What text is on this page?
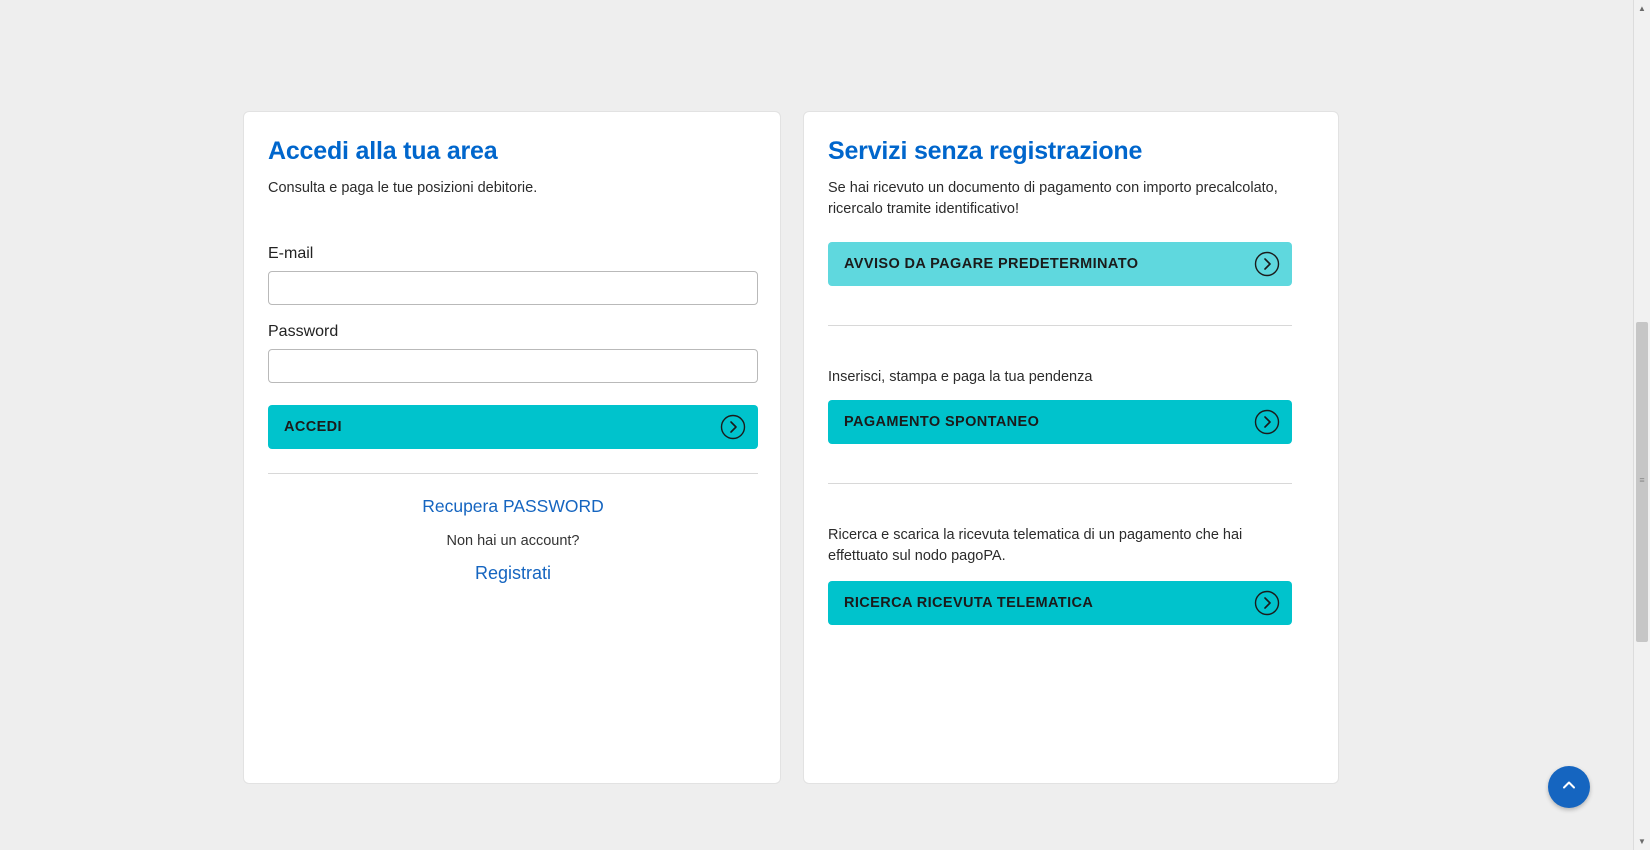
Accedi alla tua area

Consulta e paga le tue posizioni debitorie.

E-mail
Password
ACCEDI
Recupera PASSWORD
Non hai un account?
Registrati
Servizi senza registrazione

Se hai ricevuto un documento di pagamento con importo precalcolato, ricercalo tramite identificativo!

AVVISO DA PAGARE PREDETERMINATO

Inserisci, stampa e paga la tua pendenza

PAGAMENTO SPONTANEO

Ricerca e scarica la ricevuta telematica di un pagamento che hai effettuato sul nodo pagoPA.

RICERCA RICEVUTA TELEMATICA
▲
≡
▼
